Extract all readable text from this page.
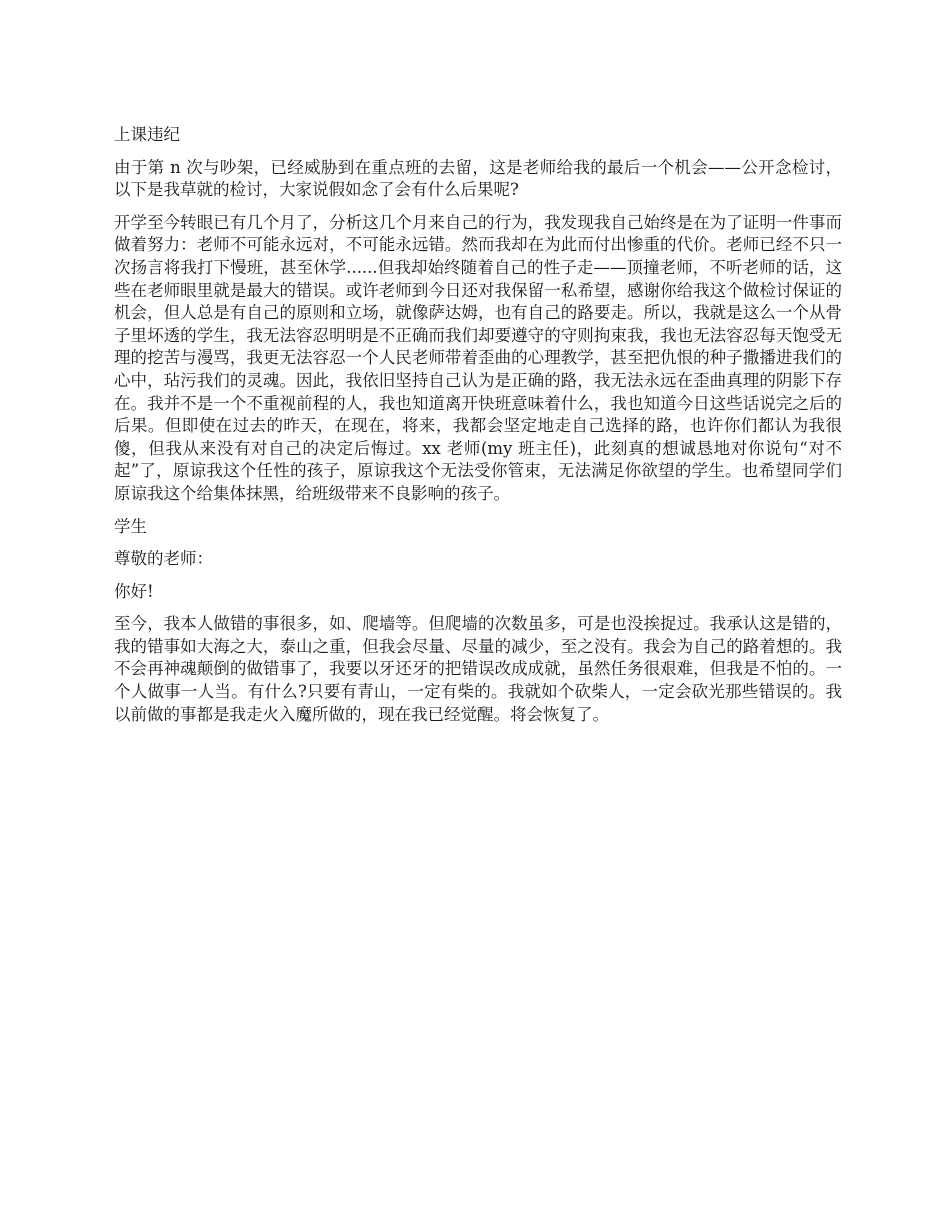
上课违纪

由于第 n 次与吵架，已经威胁到在重点班的去留，这是老师给我的最后一个机会——公开念检讨，以下是我草就的检讨，大家说假如念了会有什么后果呢?

开学至今转眼已有几个月了，分析这几个月来自己的行为，我发现我自己始终是在为了证明一件事而做着努力：老师不可能永远对，不可能永远错。然而我却在为此而付出惨重的代价。老师已经不只一次扬言将我打下慢班，甚至休学......但我却始终随着自己的性子走——顶撞老师，不听老师的话，这些在老师眼里就是最大的错误。或许老师到今日还对我保留一私希望，感谢你给我这个做检讨保证的机会，但人总是有自己的原则和立场，就像萨达姆，也有自己的路要走。所以，我就是这么一个从骨子里坏透的学生，我无法容忍明明是不正确而我们却要遵守的守则拘束我，我也无法容忍每天饱受无理的挖苦与漫骂，我更无法容忍一个人民老师带着歪曲的心理教学，甚至把仇恨的种子撒播进我们的心中，玷污我们的灵魂。因此，我依旧坚持自己认为是正确的路，我无法永远在歪曲真理的阴影下存在。我并不是一个不重视前程的人，我也知道离开快班意味着什么，我也知道今日这些话说完之后的后果。但即使在过去的昨天，在现在，将来，我都会坚定地走自己选择的路，也许你们都认为我很傻，但我从来没有对自己的决定后悔过。xx 老师(my 班主任)，此刻真的想诚恳地对你说句“对不起”了，原谅我这个任性的孩子，原谅我这个无法受你管束，无法满足你欲望的学生。也希望同学们原谅我这个给集体抹黑，给班级带来不良影响的孩子。

学生

尊敬的老师：

你好!

至今，我本人做错的事很多，如、爬墙等。但爬墙的次数虽多，可是也没挨捉过。我承认这是错的，我的错事如大海之大，泰山之重，但我会尽量、尽量的减少，至之没有。我会为自己的路着想的。我不会再神魂颠倒的做错事了，我要以牙还牙的把错误改成成就，虽然任务很艰难，但我是不怕的。一个人做事一人当。有什么?只要有青山，一定有柴的。我就如个砍柴人，一定会砍光那些错误的。我以前做的事都是我走火入魔所做的，现在我已经觉醒。将会恢复了。
